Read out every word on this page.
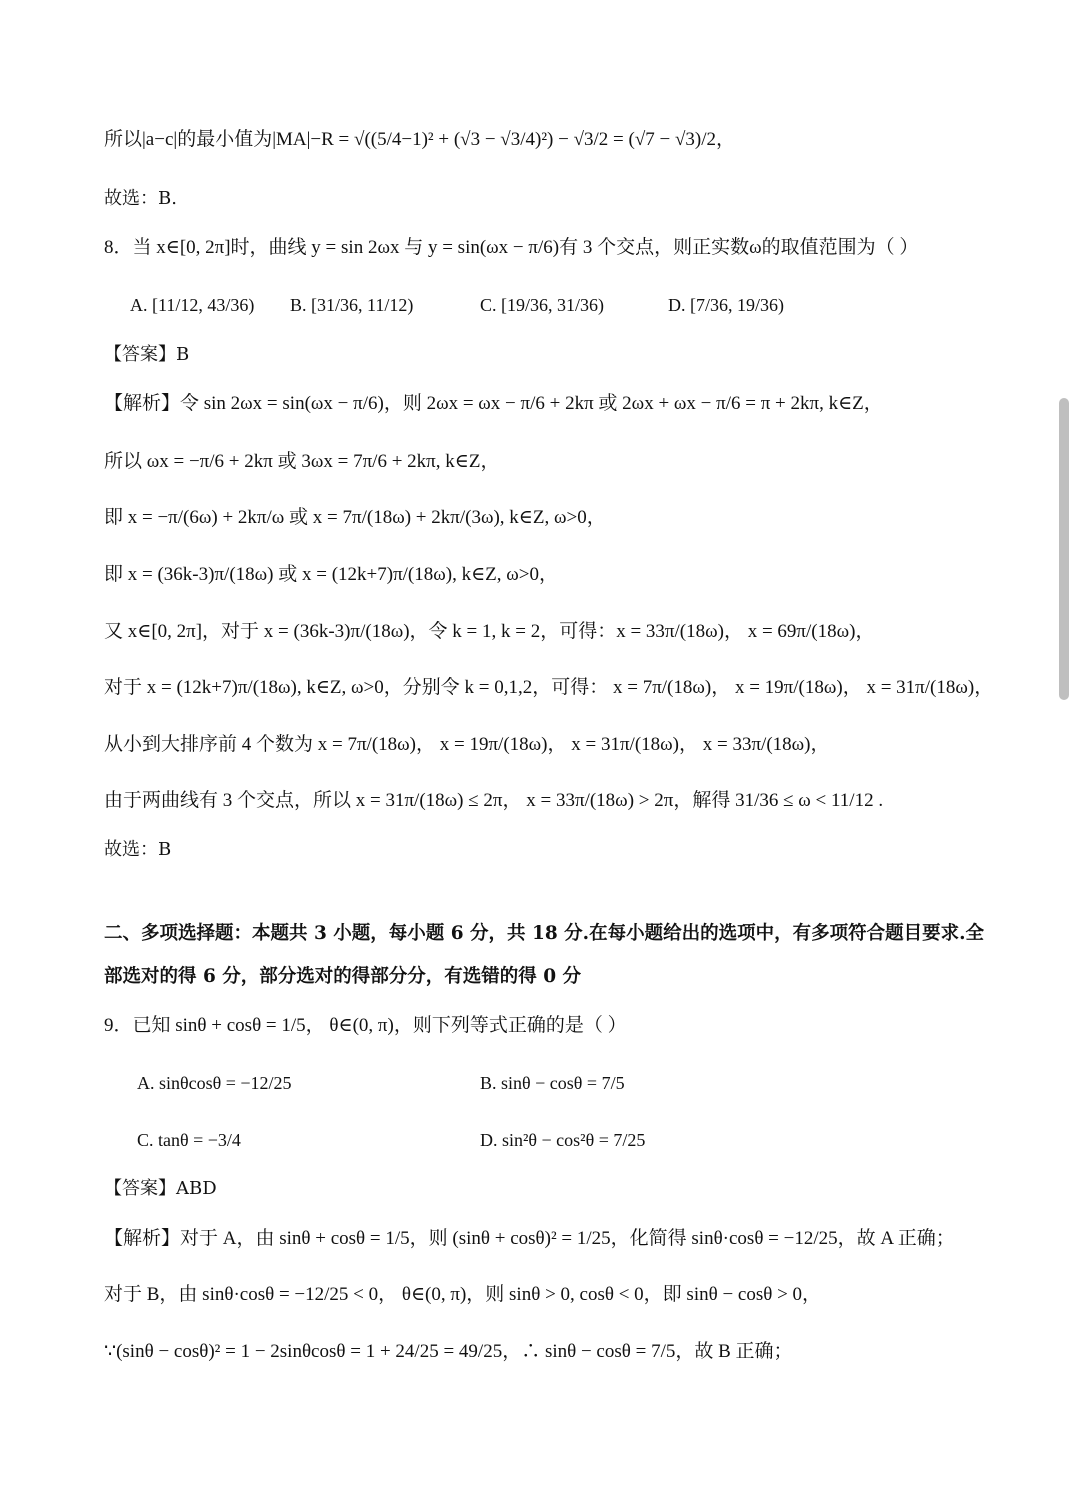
所以|a−c|的最小值为|MA|−R = √((5/4−1)² + (√3 − √3/4)²) − √3/2 = (√7 − √3)/2，
故选：B.
8．当 x∈[0, 2π]时，曲线 y = sin 2ωx 与 y = sin(ωx − π/6)有 3 个交点，则正实数ω的取值范围为（ ）
A. [11/12, 43/36) B. [31/36, 11/12)	C. [19/36, 31/36)	D. [7/36, 19/36)
【答案】B
【解析】令 sin 2ωx = sin(ωx − π/6)，则 2ωx = ωx − π/6 + 2kπ 或 2ωx + ωx − π/6 = π + 2kπ, k∈Z，
所以 ωx = −π/6 + 2kπ 或 3ωx = 7π/6 + 2kπ, k∈Z，
即 x = −π/(6ω) + 2kπ/ω 或 x = 7π/(18ω) + 2kπ/(3ω), k∈Z, ω>0，
即 x = (36k-3)π/(18ω) 或 x = (12k+7)π/(18ω), k∈Z, ω>0，
又 x∈[0, 2π]，对于 x = (36k-3)π/(18ω)，令 k = 1, k = 2，可得：x = 33π/(18ω)， x = 69π/(18ω)，
对于 x = (12k+7)π/(18ω), k∈Z, ω>0，分别令 k = 0,1,2，可得： x = 7π/(18ω)， x = 19π/(18ω)， x = 31π/(18ω)，
从小到大排序前 4 个数为 x = 7π/(18ω)， x = 19π/(18ω)， x = 31π/(18ω)， x = 33π/(18ω)，
由于两曲线有 3 个交点，所以 x = 31π/(18ω) ≤ 2π， x = 33π/(18ω) > 2π，解得 31/36 ≤ ω < 11/12 .
故选：B
二、多项选择题：本题共 3 小题，每小题 6 分，共 18 分.在每小题给出的选项中，有多项符合题目要求.全
部选对的得 6 分，部分选对的得部分分，有选错的得 0 分
9．已知 sinθ + cosθ = 1/5， θ∈(0, π)，则下列等式正确的是（ ）
A. sinθcosθ = −12/25	B. sinθ − cosθ = 7/5
C. tanθ = −3/4	D. sin²θ − cos²θ = 7/25
【答案】ABD
【解析】对于 A，由 sinθ + cosθ = 1/5，则 (sinθ + cosθ)² = 1/25，化简得 sinθ·cosθ = −12/25，故 A 正确；
对于 B，由 sinθ·cosθ = −12/25 < 0， θ∈(0, π)，则 sinθ > 0, cosθ < 0，即 sinθ − cosθ > 0，
∵(sinθ − cosθ)² = 1 − 2sinθcosθ = 1 + 24/25 = 49/25，∴ sinθ − cosθ = 7/5，故 B 正确；
